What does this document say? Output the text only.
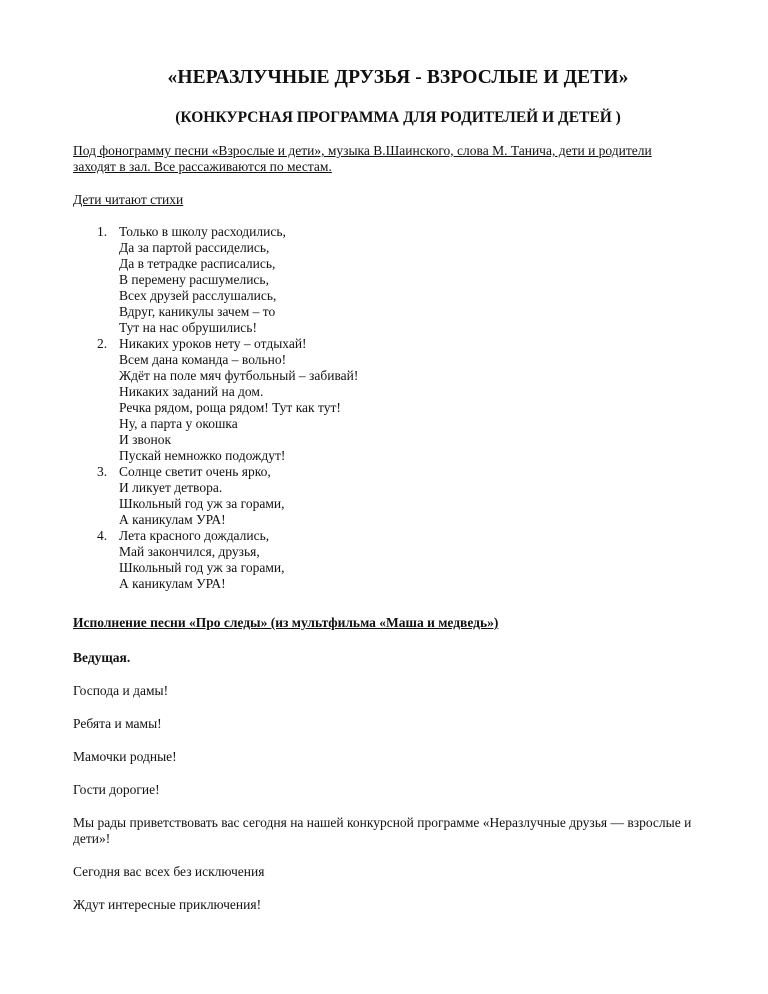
«НЕРАЗЛУЧНЫЕ ДРУЗЬЯ - ВЗРОСЛЫЕ И ДЕТИ»
(КОНКУРСНАЯ ПРОГРАММА ДЛЯ РОДИТЕЛЕЙ И ДЕТЕЙ )
Под фонограмму песни «Взрослые и дети», музыка В.Шаинского, слова М. Танича, дети и родители заходят в зал. Все рассаживаются по местам.
Дети читают стихи
1. Только в школу расходились,
Да за партой рассиделись,
Да в тетрадке расписались,
В перемену расшумелись,
Всех друзей расслушались,
Вдруг, каникулы зачем – то
Тут на нас обрушились!
2. Никаких уроков нету – отдыхай!
Всем дана команда – вольно!
Ждёт на поле мяч футбольный – забивай!
Никаких заданий на дом.
Речка рядом, роща рядом! Тут как тут!
Ну, а парта у окошка
И звонок
Пускай немножко подождут!
3. Солнце светит очень ярко,
И ликует детвора.
Школьный год уж за горами,
А каникулам УРА!
4. Лета красного дождались,
Май закончился, друзья,
Школьный год уж за горами,
А каникулам УРА!
Исполнение песни «Про следы» (из мультфильма «Маша и медведь»)
Ведущая.
Господа и дамы!
Ребята и мамы!
Мамочки родные!
Гости дорогие!
Мы рады приветствовать вас сегодня на нашей конкурсной программе «Неразлучные друзья — взрослые и дети»!
Сегодня вас всех без исключения
Ждут интересные приключения!
